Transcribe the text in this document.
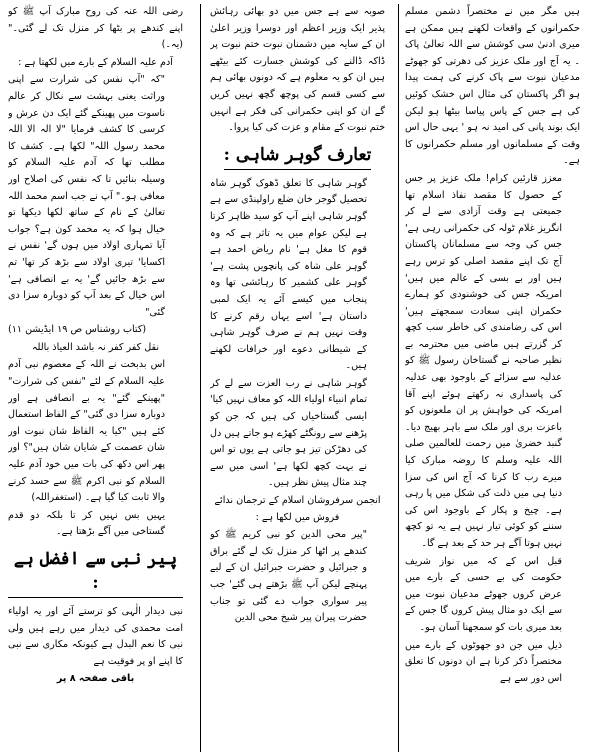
ہیں مگر میں نے مختصراً دشمن مسلم حکمرانوں کے واقعات لکھنے ہیں ممکن ہے میری ادنیٰ سی کوشش سے اللہ تعالیٰ پاک ۔ یہ آج اور ملک عزیز کی دھرتی کو جھوٹے مدعیان نبوت سے پاک کرنے کی ہمت پیدا ہو اگر پاکستان کی مثال اس خشک کوئیں کی ہے جس کے پاس پیاسا بیٹھا ہو لیکن ایک بوند پانی کی امید نہ ہو ' یہی حال اس وقت کے مسلمانوں اور مسلم حکمرانوں کا ہے۔

معزز قارئین کرام! ملک عزیز پر جس کے حصول کا مقصد نفاذ اسلام تھا جمیعتی ہے وقت آزادی سے لے کر انگریز غلام ٹولہ کی حکمرانی رہی ہے' جس کی وجہ سے مسلمانان پاکستان آج تک اپنے مقصد اصلی کو ترس رہے ہیں اور بے بسی کے عالم میں ہیں' امریکہ جس کی خوشنودی کو ہمارے حکمران اپنی سعادت سمجھتے ہیں' اس کی رضامندی کی خاطر سب کچھ کر گزرتے ہیں ماضی میں محترمہ بے نظیر صاحبہ نے گستاخان رسول ﷺ کو عدلیہ سے سزائے کے باوجود بھی عدلیہ کی پاسداری نہ رکھتے ہوئے اپنے آقا امریکہ کی خواہش پر ان ملعونوں کو باعزت بری اور ملک سے باہر بھیج دیا۔ گنبد خضریٰ میں رحمت للعالمین صلی اللہ علیہ وسلم کا روضہ مبارک کیا میرے رب کا کرنا کہ آج اس کی سزا دنیا ہی میں ذلت کی شکل میں پا رہی ہے۔ چیخ و پکار کے باوجود اس کی سننے کو کوئی تیار نہیں ہے یہ تو کچھ نہیں ہوتا آگے ہر حد کے بعد ہے گا۔

قبل اس کے کہ میں نواز شریف حکومت کی بے حسی کے بارے میں عرض کروں جھوٹے مدعیان نبوت میں سے ایک دو مثال پیش کروں گا جس کے بعد میری بات کو سمجھنا آسان ہو۔

ذیل میں جن دو جھوٹوں کے بارے میں مختصراً ذکر کرنا ہے ان دونوں کا تعلق اس دور سے ہے

صوبہ سے ہے جس میں دو بھائی رہائش پذیر ایک وزیر اعظم اور دوسرا وزیر اعلیٰ ان کے سایہ میں دشمنان نبوت ختم نبوت پر ڈاکہ ڈالنے کی کوشش جسارت کئے بیٹھے ہیں ان کو یہ معلوم ہے کہ دونوں بھائی ہم سے کسی قسم کی پوچھ گچھ نہیں کریں گے ان کو اپنی حکمرانی کی فکر ہے انہیں ختم نبوت کے مقام و عزت کی کیا پروا۔

تعارف گوہر شاہی :

گوہر شاہی کا تعلق ڈھوک گوہر شاہ تحصیل گوجر خان ضلع راولپنڈی سے ہے گوہر شاہی اپنے آپ کو سید ظاہر کرتا ہے لیکن عوام میں یہ تاثر ہے کہ وہ قوم کا مغل ہے' نام ریاض احمد ہے گوہر علی شاہ کی پانچویں پشت ہے' گوہر علی کشمیر کا رہائشی تھا وہ پنجاب میں کیسے آئے یہ ایک لمبی داستان ہے' اسے یہاں رقم کرنے کا وقت نہیں ہم نے صرف گوہر شاہی کے شیطانی دعوے اور خرافات لکھنے ہیں۔

گوہر شاہی نے رب العزت سے لے کر تمام انبیاء اولیاء اللہ کو معاف نہیں کیا' ایسی گستاخیاں کی ہیں کہ جن کو پڑھنے سے رونگٹے کھڑے ہو جاتے ہیں دل کی دھڑکن تیز ہو جاتی ہے یوں تو اس نے بہت کچھ لکھا ہے' اسی میں سے چند مثال پیش نظر ہیں۔

انجمن سرفروشان اسلام کے ترجمان ندائے فروش میں لکھا ہے :

"پیر محی الدین کو نبی کریم ﷺ کو کندھے پر اٹھا کر منزل تک لے گئے براق و جبرائیل و حضرت جبرائیل ان کے لیے پہنچے لیکن آپ ﷺ بڑھتے ہی گئے' جب پیر سواری جواب دے گئی تو جناب حضرت پیران پیر شیخ محی الدین

رضی اللہ عنہ کی روح مبارک آپ ﷺ کو اپنے کندھے پر بٹھا کر منزل تک لے گئی۔" (یہ۔)

آدم علیہ السلام کے بارے میں لکھتا ہے :

"کہ "آپ نفس کی شرارت سے اپنی وراثت یعنی بہشت سے نکال کر عالم ناسوت میں پھینکے گئے ایک دن عرش و کرسی کا کشف فرمایا "لا الہ الا اللہ محمد رسول اللہ" لکھا ہے۔ کشف کا مطلب تھا کہ آدم علیہ السلام کو وسیلہ بنائیں تا کہ نفس کی اصلاح اور معافی ہو۔" آپ نے جب اسم محمد اللہ تعالیٰ کے نام کے ساتھ لکھا دیکھا تو خیال ہوا کہ یہ محمد کون ہے؟ جواب آیا تمہاری اولاد میں ہوں گے' نفس نے اکسایا' تیری اولاد سے بڑھ کر تھا' تم سے بڑھ جائیں گے' یہ بے انصافی ہے' اس خیال کے بعد آپ کو دوبارہ سزا دی گئی"

(کتاب روشناس ص ۱۹ ایڈیشن ۱۱)

نقل کفر کفر نہ باشد العیاذ باللہ

اس بدبخت نے اللہ کے معصوم نبی آدم علیہ السلام کے لئے "نفس کی شرارت" "پھینکے گئے" یہ بے انصافی ہے اور دوبارہ سزا دی گئی" کے الفاظ استعمال کئے ہیں "کیا یہ الفاظ شان نبوت اور شان عصمت کے شایان شان ہیں"؟ اور پھر اس دکھ کی بات میں خود آدم علیہ السلام کو نبی اکرم ﷺ سے حسد کرنے والا ثابت کیا گیا ہے۔ (استغفراللہ)

یہیں بس نہیں کر تا بلکہ دو قدم گستاخی میں آگے بڑھتا ہے۔

پیر نبی سے افضل ہے :

نبی دیدار الٰہی کو ترستے آئے اور یہ اولیاء امت محمدی کی دیدار میں رہے ہیں ولی نبی کا نعم البدل ہے کیونکہ مکاری سے نبی کا اپنے او پر فوقیت ہے

باقی صفحہ ۸ پر
